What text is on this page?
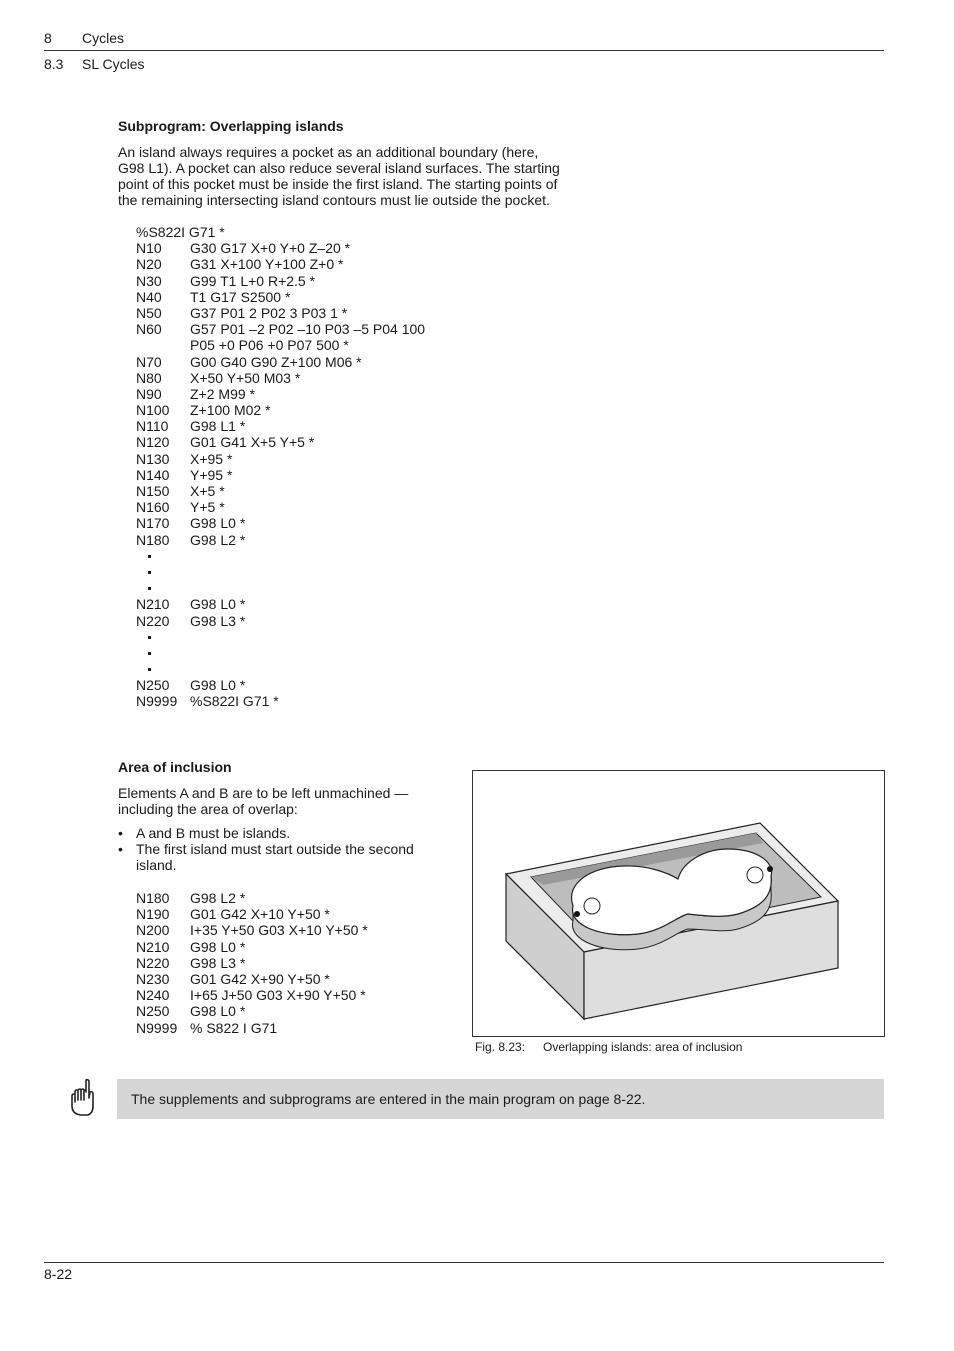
8 Cycles
8.3 SL Cycles
Subprogram: Overlapping islands
An island always requires a pocket as an additional boundary (here,
G98 L1). A pocket can also reduce several island surfaces. The starting
point of this pocket must be inside the first island. The starting points of
the remaining intersecting island contours must lie outside the pocket.
%S822I G71 *
N10 G30 G17 X+0 Y+0 Z–20 *
N20 G31 X+100 Y+100 Z+0 *
N30 G99 T1 L+0 R+2.5 *
N40 T1 G17 S2500 *
N50 G37 P01 2 P02 3 P03 1 *
N60 G57 P01 –2 P02 –10 P03 –5 P04 100
P05 +0 P06 +0 P07 500 *
N70 G00 G40 G90 Z+100 M06 *
N80 X+50 Y+50 M03 *
N90 Z+2 M99 *
N100 Z+100 M02 *
N110 G98 L1 *
N120 G01 G41 X+5 Y+5 *
N130 X+95 *
N140 Y+95 *
N150 X+5 *
N160 Y+5 *
N170 G98 L0 *
N180 G98 L2 *
N210 G98 L0 *
N220 G98 L3 *
N250 G98 L0 *
N9999 %S822I G71 *
Area of inclusion
Elements A and B are to be left unmachined —
including the area of overlap:
• A and B must be islands.
• The first island must start outside the second
island.
N180 G98 L2 *
N190 G01 G42 X+10 Y+50 *
N200 I+35 Y+50 G03 X+10 Y+50 *
N210 G98 L0 *
N220 G98 L3 *
N230 G01 G42 X+90 Y+50 *
N240 I+65 J+50 G03 X+90 Y+50 *
N250 G98 L0 *
N9999 % S822 I G71
Fig. 8.23: Overlapping islands: area of inclusion
The supplements and subprograms are entered in the main program on page 8-22.
8-22
